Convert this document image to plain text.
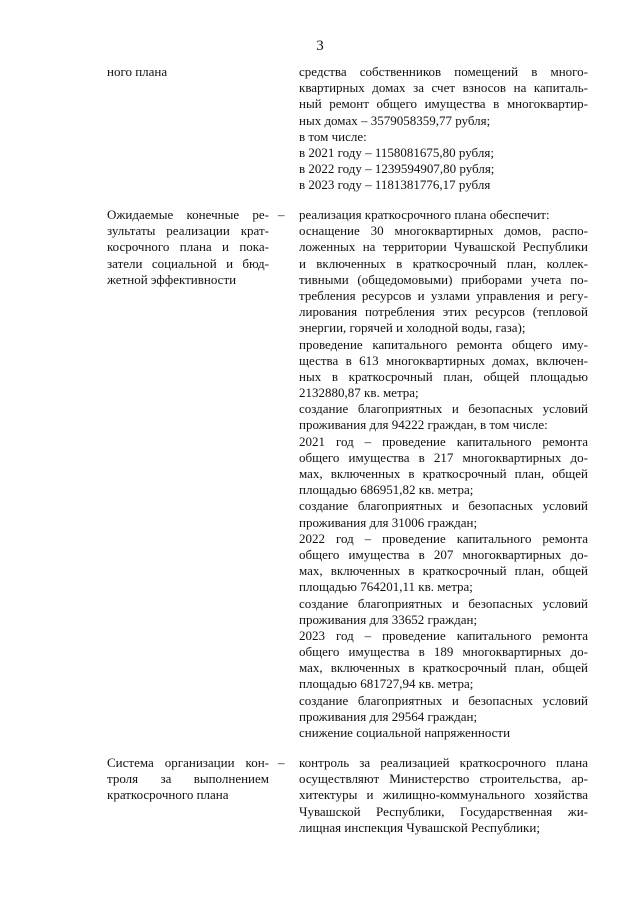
3
ного плана	средства собственников помещений в много-
квартирных домах за счет взносов на капиталь-
ный ремонт общего имущества в многоквартир-
ных домах – 3579058359,77 рубля;
в том числе:
в 2021 году – 1158081675,80 рубля;
в 2022 году – 1239594907,80 рубля;
в 2023 году – 1181381776,17 рубля
Ожидаемые конечные ре-
зультаты реализации крат-
косрочного плана и пока-
затели социальной и бюд-
жетной эффективности
– реализация краткосрочного плана обеспечит:
оснащение 30 многоквартирных домов, распо-
ложенных на территории Чувашской Республики
и включенных в краткосрочный план, коллек-
тивными (общедомовыми) приборами учета по-
требления ресурсов и узлами управления и регу-
лирования потребления этих ресурсов (тепловой
энергии, горячей и холодной воды, газа);
проведение капитального ремонта общего иму-
щества в 613 многоквартирных домах, включен-
ных в краткосрочный план, общей площадью
2132880,87 кв. метра;
создание благоприятных и безопасных условий
проживания для 94222 граждан, в том числе:
2021 год – проведение капитального ремонта
общего имущества в 217 многоквартирных до-
мах, включенных в краткосрочный план, общей
площадью 686951,82 кв. метра;
создание благоприятных и безопасных условий
проживания для 31006 граждан;
2022 год – проведение капитального ремонта
общего имущества в 207 многоквартирных до-
мах, включенных в краткосрочный план, общей
площадью 764201,11 кв. метра;
создание благоприятных и безопасных условий
проживания для 33652 граждан;
2023 год – проведение капитального ремонта
общего имущества в 189 многоквартирных до-
мах, включенных в краткосрочный план, общей
площадью 681727,94 кв. метра;
создание благоприятных и безопасных условий
проживания для 29564 граждан;
снижение социальной напряженности
Система организации кон-
троля за выполнением
краткосрочного плана
– контроль за реализацией краткосрочного плана
осуществляют Министерство строительства, ар-
хитектуры и жилищно-коммунального хозяйства
Чувашской Республики, Государственная жи-
лищная инспекция Чувашской Республики;
